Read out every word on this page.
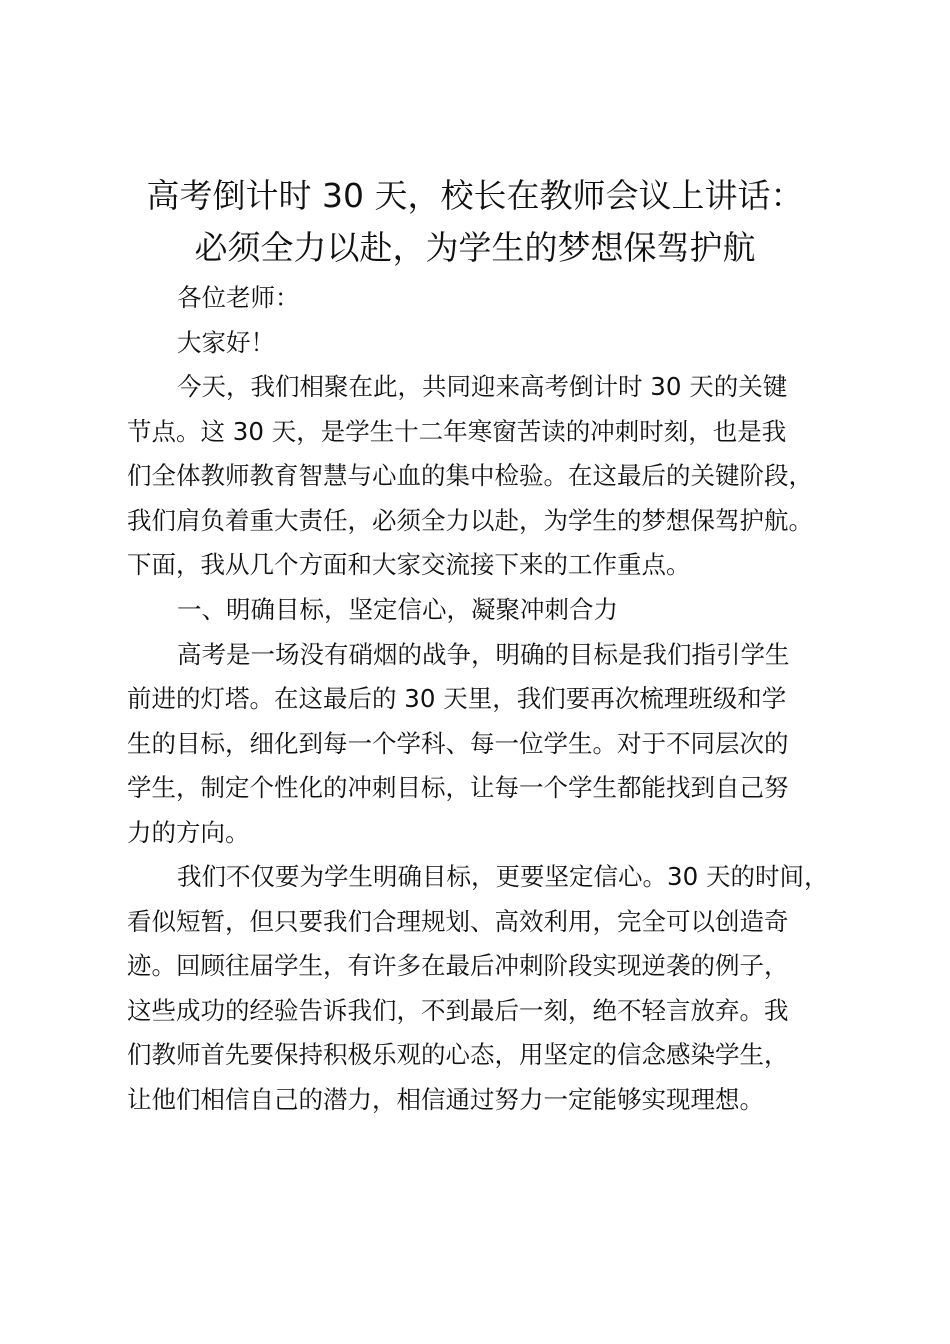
高考倒计时 30 天，校长在教师会议上讲话：
必须全力以赴，为学生的梦想保驾护航
各位老师：
大家好！
今天，我们相聚在此，共同迎来高考倒计时 30 天的关键
节点。这 30 天，是学生十二年寒窗苦读的冲刺时刻，也是我
们全体教师教育智慧与心血的集中检验。在这最后的关键阶段，
我们肩负着重大责任，必须全力以赴，为学生的梦想保驾护航。
下面，我从几个方面和大家交流接下来的工作重点。
一、明确目标，坚定信心，凝聚冲刺合力
高考是一场没有硝烟的战争，明确的目标是我们指引学生
前进的灯塔。在这最后的 30 天里，我们要再次梳理班级和学
生的目标，细化到每一个学科、每一位学生。对于不同层次的
学生，制定个性化的冲刺目标，让每一个学生都能找到自己努
力的方向。
我们不仅要为学生明确目标，更要坚定信心。30 天的时间，
看似短暂，但只要我们合理规划、高效利用，完全可以创造奇
迹。回顾往届学生，有许多在最后冲刺阶段实现逆袭的例子，
这些成功的经验告诉我们，不到最后一刻，绝不轻言放弃。我
们教师首先要保持积极乐观的心态，用坚定的信念感染学生，
让他们相信自己的潜力，相信通过努力一定能够实现理想。
